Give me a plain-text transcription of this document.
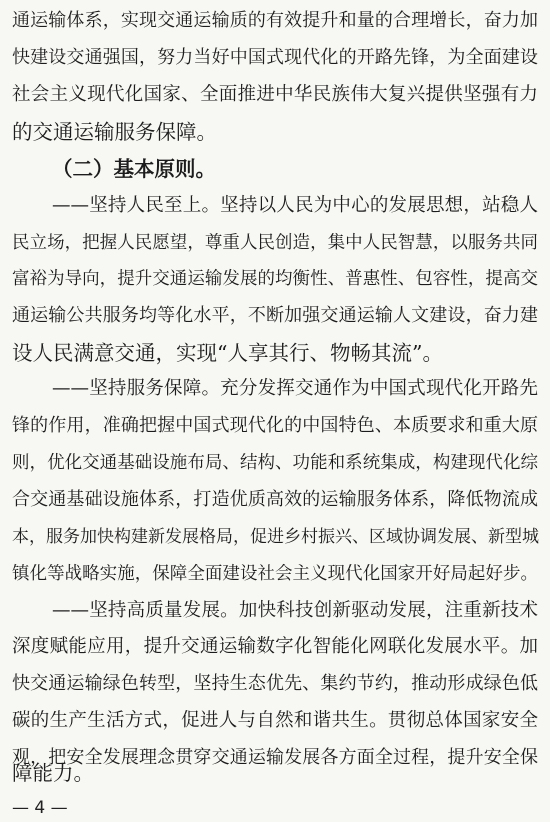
通运输体系，实现交通运输质的有效提升和量的合理增长，奋力加
快建设交通强国，努力当好中国式现代化的开路先锋，为全面建设
社会主义现代化国家、全面推进中华民族伟大复兴提供坚强有力
的交通运输服务保障。
（二）基本原则。
——坚持人民至上。坚持以人民为中心的发展思想，站稳人
民立场，把握人民愿望，尊重人民创造，集中人民智慧，以服务共同
富裕为导向，提升交通运输发展的均衡性、普惠性、包容性，提高交
通运输公共服务均等化水平，不断加强交通运输人文建设，奋力建
设人民满意交通，实现“人享其行、物畅其流”。
——坚持服务保障。充分发挥交通作为中国式现代化开路先
锋的作用，准确把握中国式现代化的中国特色、本质要求和重大原
则，优化交通基础设施布局、结构、功能和系统集成，构建现代化综
合交通基础设施体系，打造优质高效的运输服务体系，降低物流成
本，服务加快构建新发展格局，促进乡村振兴、区域协调发展、新型城
镇化等战略实施，保障全面建设社会主义现代化国家开好局起好步。
——坚持高质量发展。加快科技创新驱动发展，注重新技术
深度赋能应用，提升交通运输数字化智能化网联化发展水平。加
快交通运输绿色转型，坚持生态优先、集约节约，推动形成绿色低
碳的生产生活方式，促进人与自然和谐共生。贯彻总体国家安全
观，把安全发展理念贯穿交通运输发展各方面全过程，提升安全保
障能力。
— 4 —
